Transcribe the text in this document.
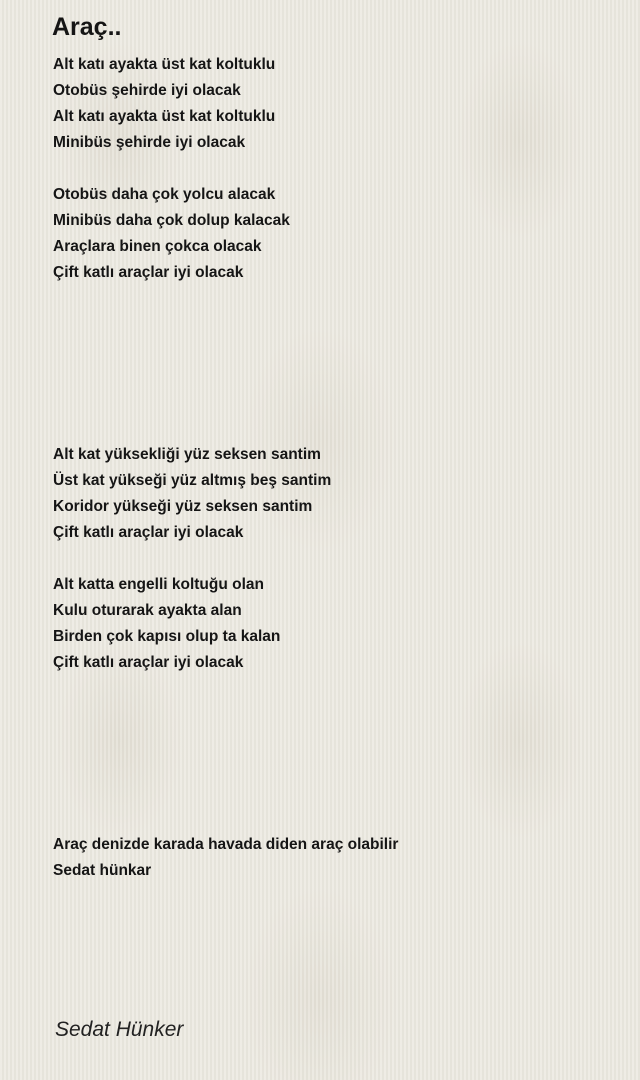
Araç..
Alt katı ayakta üst kat koltuklu
Otobüs şehirde iyi olacak
Alt katı ayakta üst kat koltuklu
Minibüs şehirde iyi olacak
Otobüs daha çok yolcu alacak
Minibüs daha çok dolup kalacak
Araçlara binen çokca olacak
Çift katlı araçlar iyi olacak
Alt kat yüksekliği yüz seksen santim
Üst kat yükseği yüz altmış beş santim
Koridor yükseği yüz seksen santim
Çift katlı araçlar iyi olacak
Alt katta engelli koltuğu olan
Kulu oturarak ayakta alan
Birden çok kapısı olup ta kalan
Çift katlı araçlar iyi olacak
Araç denizde karada havada diden araç olabilir
Sedat hünkar
Sedat Hünker
